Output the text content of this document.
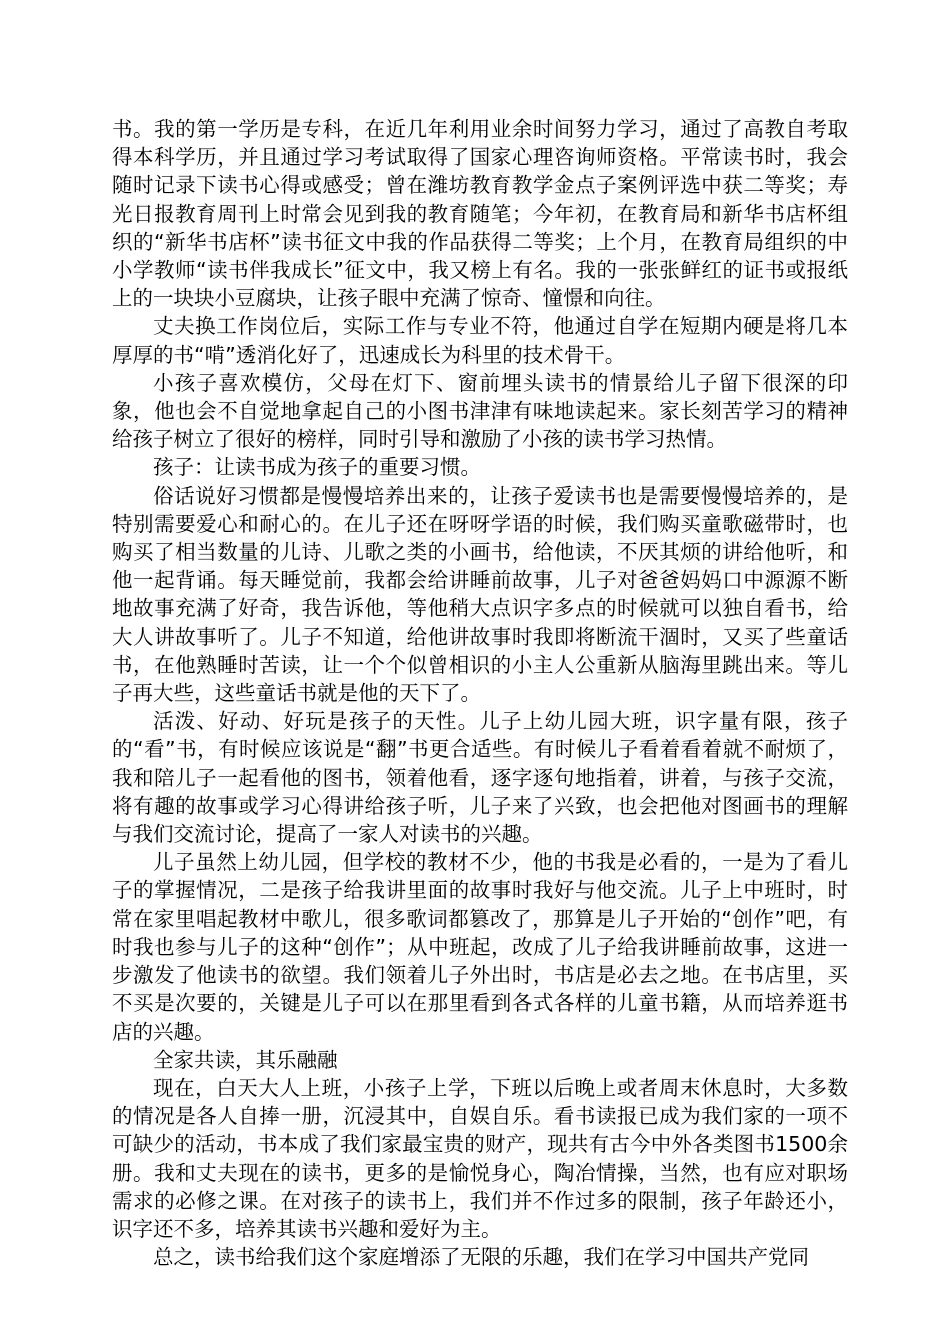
书。我的第一学历是专科，在近几年利用业余时间努力学习，通过了高教自考取得本科学历，并且通过学习考试取得了国家心理咨询师资格。平常读书时，我会随时记录下读书心得或感受；曾在潍坊教育教学金点子案例评选中获二等奖；寿光日报教育周刊上时常会见到我的教育随笔；今年初，在教育局和新华书店杯组织的“新华书店杯”读书征文中我的作品获得二等奖；上个月，在教育局组织的中小学教师“读书伴我成长”征文中，我又榜上有名。我的一张张鲜红的证书或报纸上的一块块小豆腐块，让孩子眼中充满了惊奇、憧憬和向往。

丈夫换工作岗位后，实际工作与专业不符，他通过自学在短期内硬是将几本厚厚的书“啃”透消化好了，迅速成长为科里的技术骨干。

小孩子喜欢模仿，父母在灯下、窗前埋头读书的情景给儿子留下很深的印象，他也会不自觉地拿起自己的小图书津津有味地读起来。家长刻苦学习的精神给孩子树立了很好的榜样，同时引导和激励了小孩的读书学习热情。

孩子：让读书成为孩子的重要习惯。

俗话说好习惯都是慢慢培养出来的，让孩子爱读书也是需要慢慢培养的，是特别需要爱心和耐心的。在儿子还在呀呀学语的时候，我们购买童歌磁带时，也购买了相当数量的儿诗、儿歌之类的小画书，给他读，不厌其烦的讲给他听，和他一起背诵。每天睡觉前，我都会给讲睡前故事，儿子对爸爸妈妈口中源源不断地故事充满了好奇，我告诉他，等他稍大点识字多点的时候就可以独自看书，给大人讲故事听了。儿子不知道，给他讲故事时我即将断流干涸时，又买了些童话书，在他熟睡时苦读，让一个个似曾相识的小主人公重新从脑海里跳出来。等儿子再大些，这些童话书就是他的天下了。

活泼、好动、好玩是孩子的天性。儿子上幼儿园大班，识字量有限，孩子的“看”书，有时候应该说是“翻”书更合适些。有时候儿子看着看着就不耐烦了，我和陪儿子一起看他的图书，领着他看，逐字逐句地指着，讲着，与孩子交流，将有趣的故事或学习心得讲给孩子听，儿子来了兴致，也会把他对图画书的理解与我们交流讨论，提高了一家人对读书的兴趣。

儿子虽然上幼儿园，但学校的教材不少，他的书我是必看的，一是为了看儿子的掌握情况，二是孩子给我讲里面的故事时我好与他交流。儿子上中班时，时常在家里唱起教材中歌儿，很多歌词都篡改了，那算是儿子开始的“创作”吧，有时我也参与儿子的这种“创作”；从中班起，改成了儿子给我讲睡前故事，这进一步激发了他读书的欲望。我们领着儿子外出时，书店是必去之地。在书店里，买不买是次要的，关键是儿子可以在那里看到各式各样的儿童书籍，从而培养逛书店的兴趣。

全家共读，其乐融融

现在，白天大人上班，小孩子上学，下班以后晚上或者周末休息时，大多数的情况是各人自捧一册，沉浸其中，自娱自乐。看书读报已成为我们家的一项不可缺少的活动，书本成了我们家最宝贵的财产，现共有古今中外各类图书1500余册。我和丈夫现在的读书，更多的是愉悦身心，陶冶情操，当然，也有应对职场需求的必修之课。在对孩子的读书上，我们并不作过多的限制，孩子年龄还小，识字还不多，培养其读书兴趣和爱好为主。

总之，读书给我们这个家庭增添了无限的乐趣，我们在学习中国共产党同
